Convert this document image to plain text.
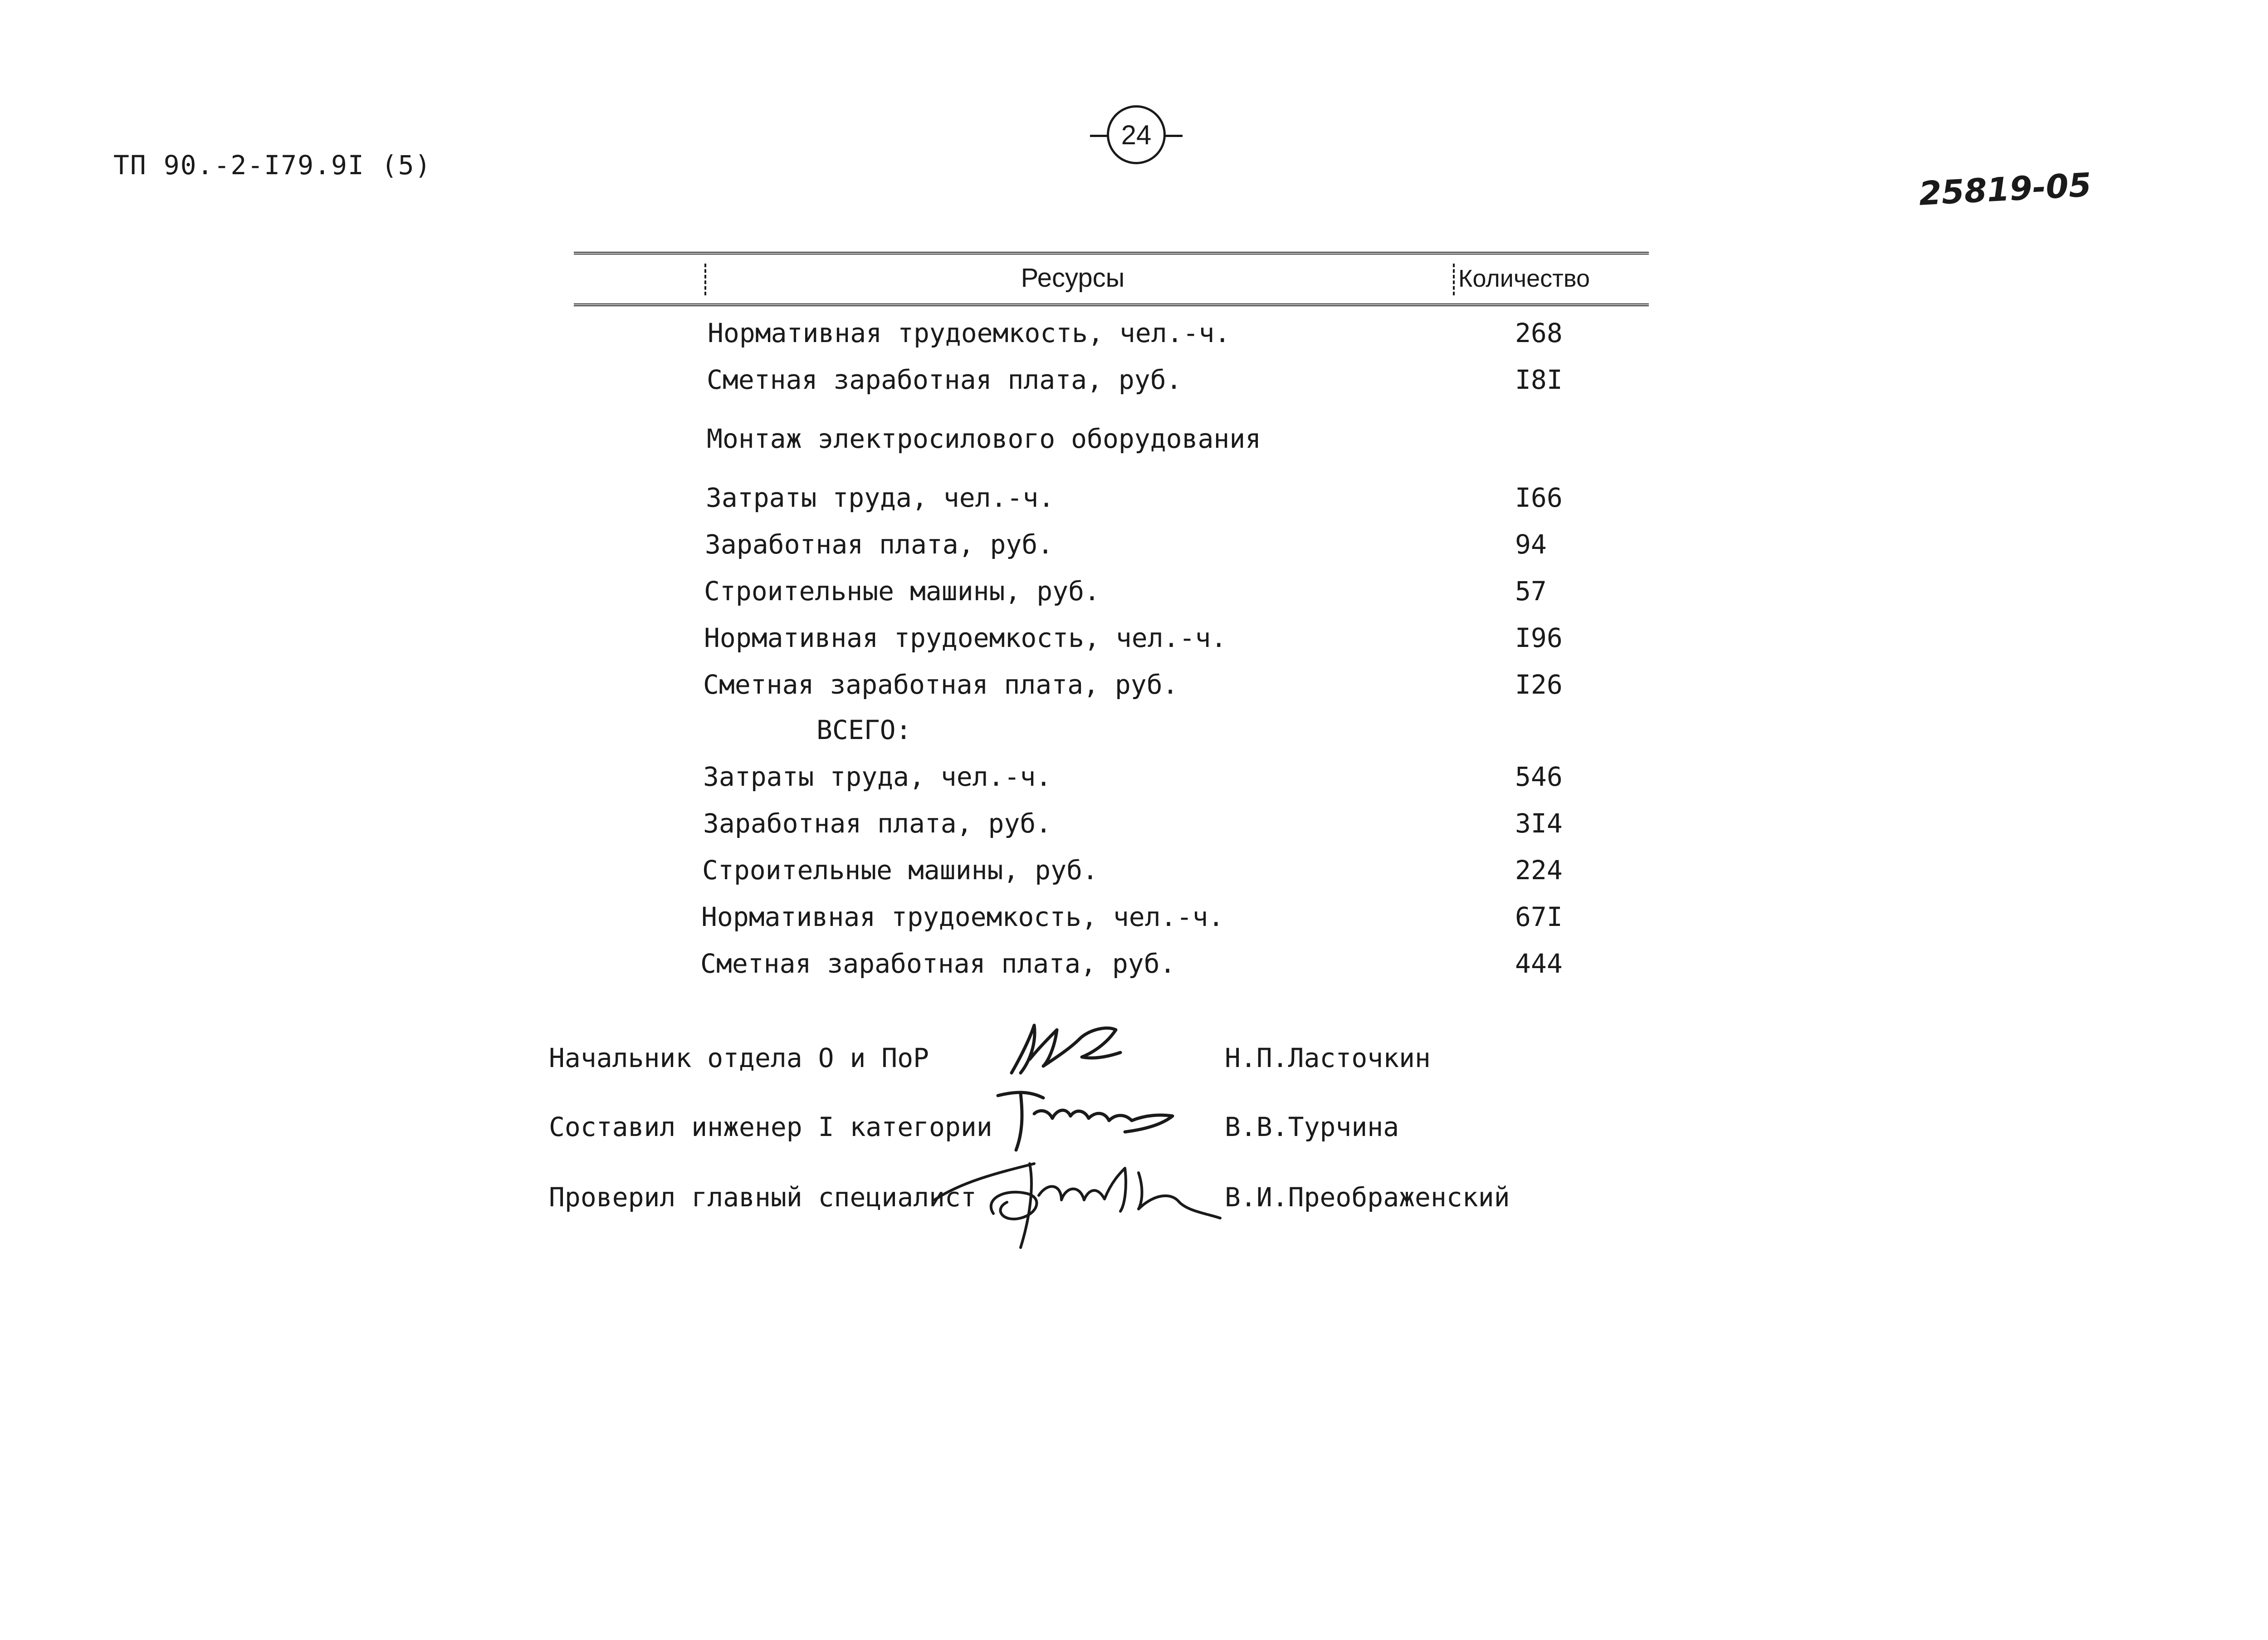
ТП 90.-2-I79.9I (5)
24
25819-05
Ресурсы	Количество
Нормативная трудоемкость, чел.-ч.	268
Сметная заработная плата, руб.	I8I
Монтаж электросилового оборудования
Затраты труда, чел.-ч.	I66
Заработная плата, руб.	94
Строительные машины, руб.	57
Нормативная трудоемкость, чел.-ч.	I96
Сметная заработная плата, руб.	I26
ВСЕГО:
Затраты труда, чел.-ч.	546
Заработная плата, руб.	3I4
Строительные машины, руб.	224
Нормативная трудоемкость, чел.-ч.	67I
Сметная заработная плата, руб.	444
Начальник отдела О и ПоР	Н.П.Ласточкин
Составил инженер I категории	В.В.Турчина
Проверил главный специалист	В.И.Преображенский
